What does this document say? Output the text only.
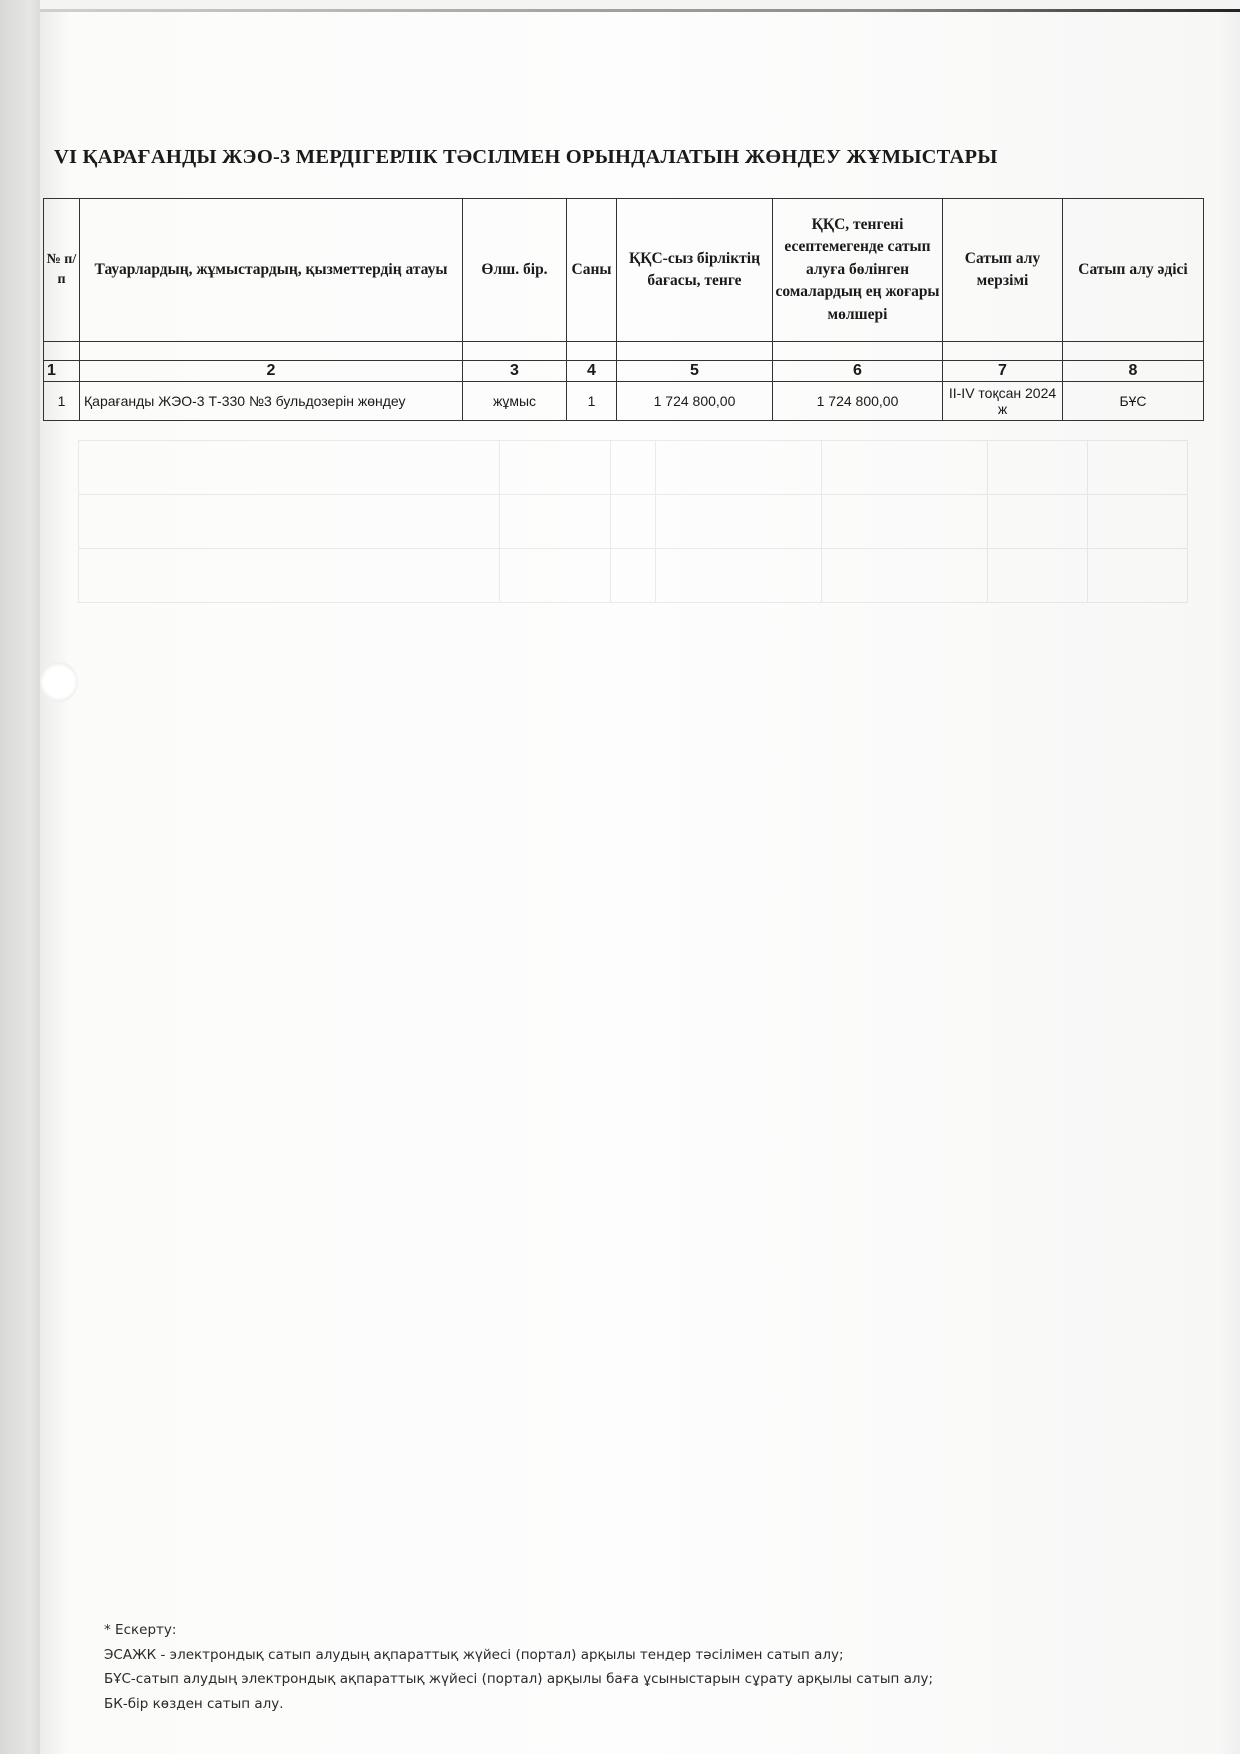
VI ҚАРАҒАНДЫ ЖЭО-3 МЕРДІГЕРЛІК ТӘСІЛМЕН ОРЫНДАЛАТЫН ЖӨНДЕУ ЖҰМЫСТАРЫ
№ п/п	Тауарлардың, жұмыстардың, қызметтердің атауы	Өлш. бір.	Саны	ҚҚС-сыз бірліктің бағасы, тенге	ҚҚС, тенгені есептемегенде сатып алуға бөлінген сомалардың ең жоғары мөлшері	Сатып алу мерзімі	Сатып алу әдісі

1	2	3	4	5	6	7	8
1	Қарағанды ЖЭО-3 Т-330 №3 бульдозерін жөндеу	жұмыс	1	1 724 800,00	1 724 800,00	II-IV тоқсан 2024 ж	БҰС

* Ескерту:
ЭСАЖК - электрондық сатып алудың ақпараттық жүйесі (портал) арқылы тендер тәсілімен сатып алу;
БҰС-сатып алудың электрондық ақпараттық жүйесі (портал) арқылы баға ұсыныстарын сұрату арқылы сатып алу;
БК-бір көзден сатып алу.
